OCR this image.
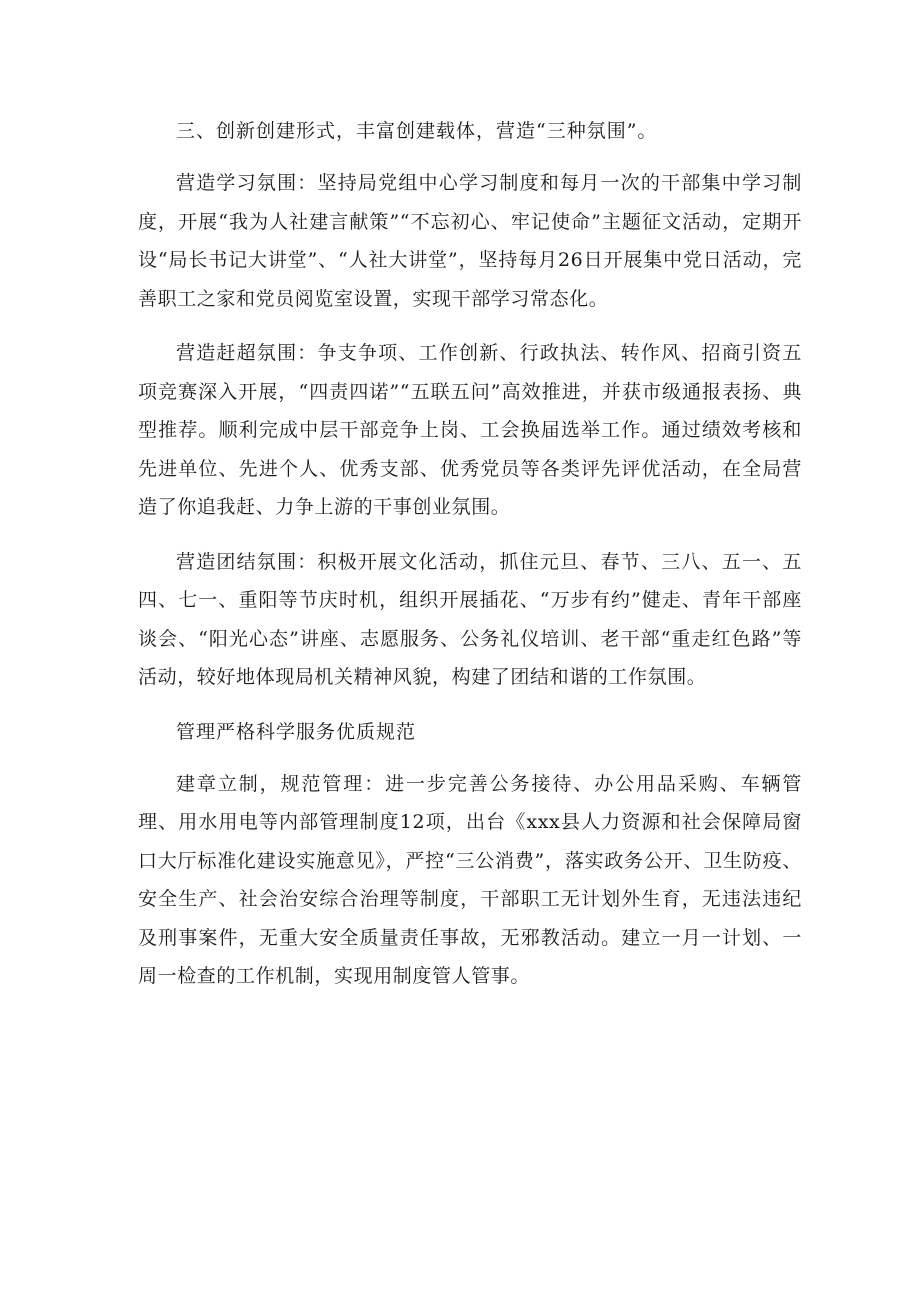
三、创新创建形式，丰富创建载体，营造“三种氛围”。

营造学习氛围：坚持局党组中心学习制度和每月一次的干部集中学习制度，开展“我为人社建言献策”“不忘初心、牢记使命”主题征文活动，定期开设“局长书记大讲堂”、“人社大讲堂”，坚持每月26日开展集中党日活动，完善职工之家和党员阅览室设置，实现干部学习常态化。

营造赶超氛围：争支争项、工作创新、行政执法、转作风、招商引资五项竞赛深入开展，“四责四诺”“五联五问”高效推进，并获市级通报表扬、典型推荐。顺利完成中层干部竞争上岗、工会换届选举工作。通过绩效考核和先进单位、先进个人、优秀支部、优秀党员等各类评先评优活动，在全局营造了你追我赶、力争上游的干事创业氛围。

营造团结氛围：积极开展文化活动，抓住元旦、春节、三八、五一、五四、七一、重阳等节庆时机，组织开展插花、“万步有约”健走、青年干部座谈会、“阳光心态”讲座、志愿服务、公务礼仪培训、老干部“重走红色路”等活动，较好地体现局机关精神风貌，构建了团结和谐的工作氛围。

管理严格科学服务优质规范

建章立制，规范管理：进一步完善公务接待、办公用品采购、车辆管理、用水用电等内部管理制度12项，出台《xxx县人力资源和社会保障局窗口大厅标准化建设实施意见》，严控“三公消费”，落实政务公开、卫生防疫、安全生产、社会治安综合治理等制度，干部职工无计划外生育，无违法违纪及刑事案件，无重大安全质量责任事故，无邪教活动。建立一月一计划、一周一检查的工作机制，实现用制度管人管事。
